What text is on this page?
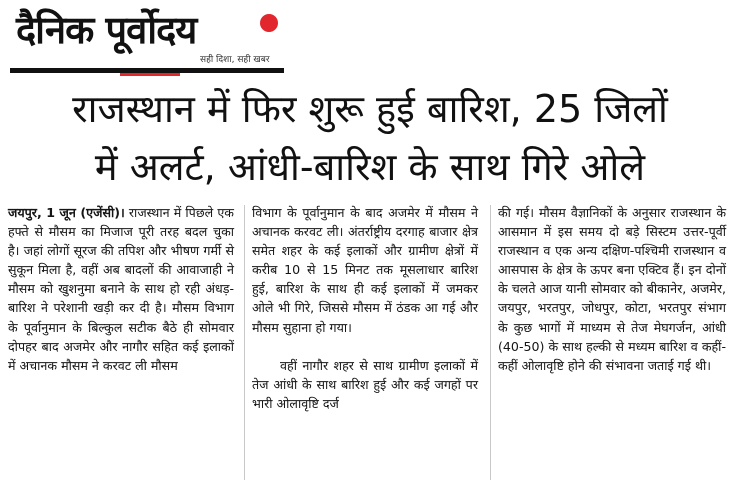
दैनिक पूर्वोदय
सही दिशा, सही खबर
राजस्थान में फिर शुरू हुई बारिश, 25 जिलों
में अलर्ट, आंधी-बारिश के साथ गिरे ओले

जयपुर, 1 जून (एजेंसी)। राजस्थान में पिछले एक हफ्ते से मौसम का मिजाज पूरी तरह बदल चुका है। जहां लोगों सूरज की तपिश और भीषण गर्मी से सुकून मिला है, वहीं अब बादलों की आवाजाही ने मौसम को खुशनुमा बनाने के साथ हो रही अंधड़-बारिश ने परेशानी खड़ी कर दी है। मौसम विभाग के पूर्वानुमान के बिल्कुल सटीक बैठे ही सोमवार दोपहर बाद अजमेर और नागौर सहित कई इलाकों में अचानक मौसम ने करवट ली मौसम

विभाग के पूर्वानुमान के बाद अजमेर में मौसम ने अचानक करवट ली। अंतर्राष्ट्रीय दरगाह बाजार क्षेत्र समेत शहर के कई इलाकों और ग्रामीण क्षेत्रों में करीब 10 से 15 मिनट तक मूसलाधार बारिश हुई, बारिश के साथ ही कई इलाकों में जमकर ओले भी गिरे, जिससे मौसम में ठंडक आ गई और मौसम सुहाना हो गया।

वहीं नागौर शहर से साथ ग्रामीण इलाकों में तेज आंधी के साथ बारिश हुई और कई जगहों पर भारी ओलावृष्टि दर्ज

की गई। मौसम वैज्ञानिकों के अनुसार राजस्थान के आसमान में इस समय दो बड़े सिस्टम उत्तर-पूर्वी राजस्थान व एक अन्य दक्षिण-पश्चिमी राजस्थान व आसपास के क्षेत्र के ऊपर बना एक्टिव हैं। इन दोनों के चलते आज यानी सोमवार को बीकानेर, अजमेर, जयपुर, भरतपुर, जोधपुर, कोटा, भरतपुर संभाग के कुछ भागों में माध्यम से तेज मेघगर्जन, आंधी (40-50) के साथ हल्की से मध्यम बारिश व कहीं-कहीं ओलावृष्टि होने की संभावना जताई गई थी।
